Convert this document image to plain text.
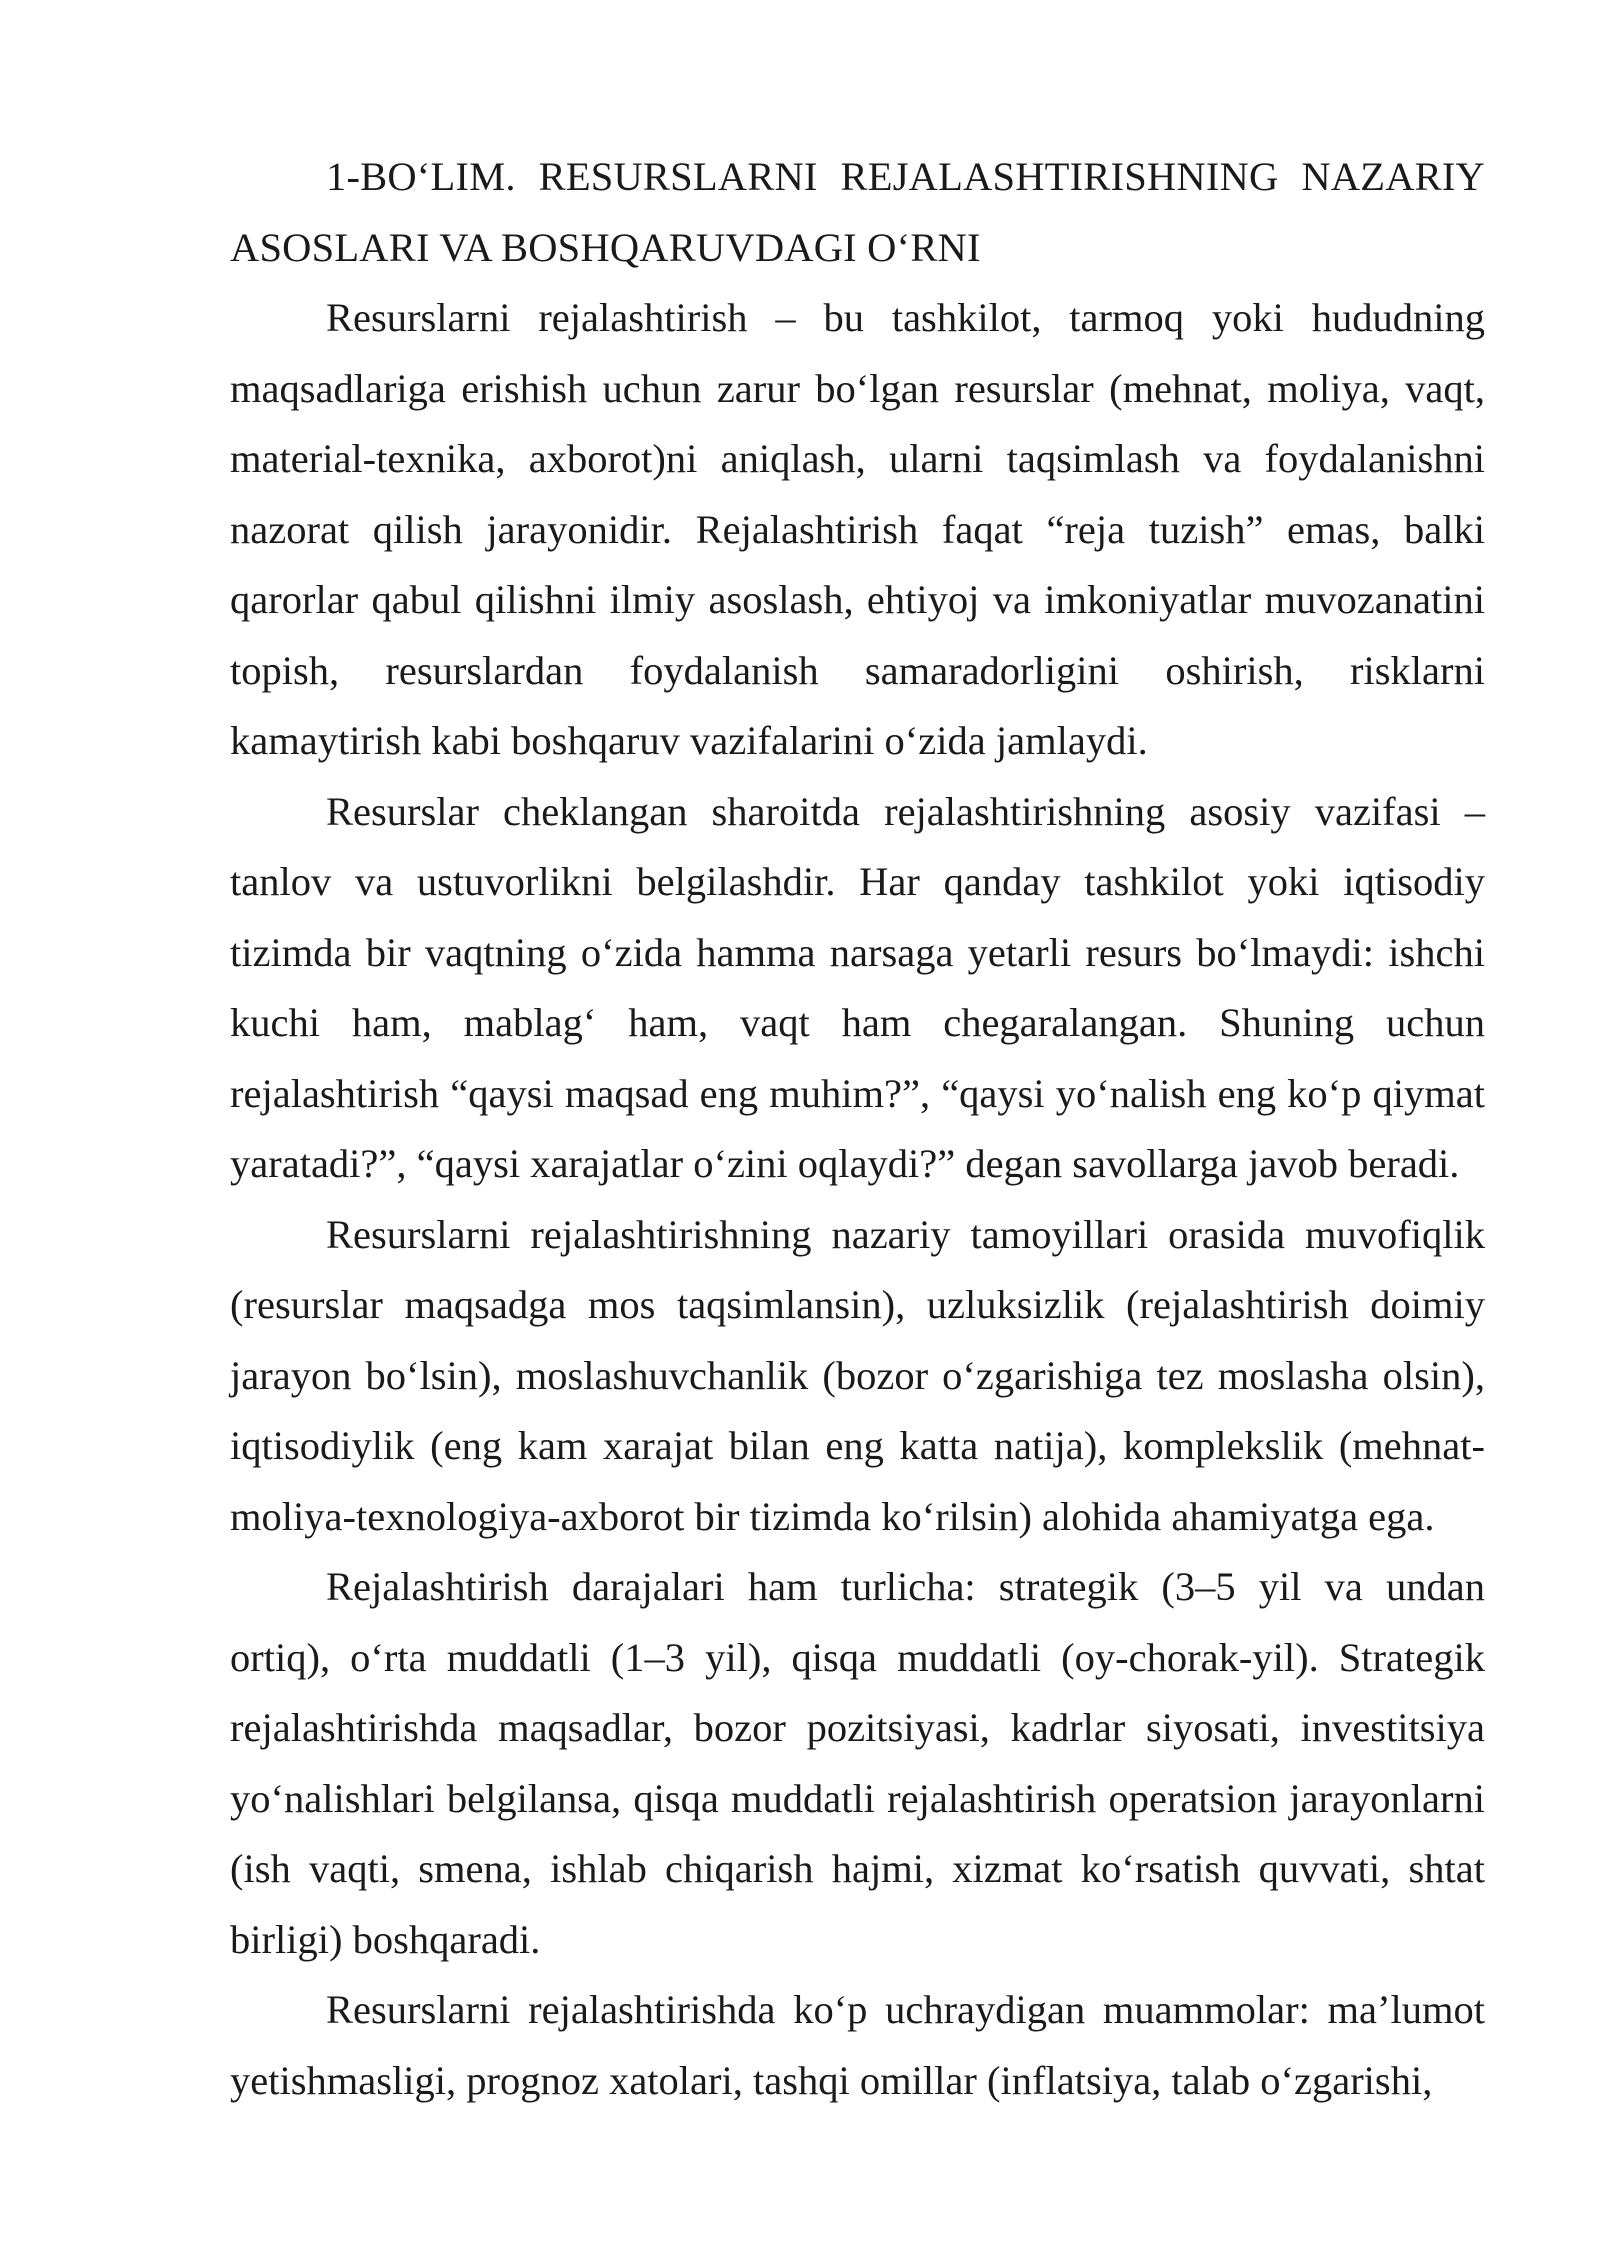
1-BO‘LIM. RESURSLARNI REJALASHTIRISHNING NAZARIY ASOSLARI VA BOSHQARUVDAGI O‘RNI

Resurslarni rejalashtirish – bu tashkilot, tarmoq yoki hududning maqsadlariga erishish uchun zarur bo‘lgan resurslar (mehnat, moliya, vaqt, material-texnika, axborot)ni aniqlash, ularni taqsimlash va foydalanishni nazorat qilish jarayonidir. Rejalashtirish faqat “reja tuzish” emas, balki qarorlar qabul qilishni ilmiy asoslash, ehtiyoj va imkoniyatlar muvozanatini topish, resurslardan foydalanish samaradorligini oshirish, risklarni kamaytirish kabi boshqaruv vazifalarini o‘zida jamlaydi.

Resurslar cheklangan sharoitda rejalashtirishning asosiy vazifasi – tanlov va ustuvorlikni belgilashdir. Har qanday tashkilot yoki iqtisodiy tizimda bir vaqtning o‘zida hamma narsaga yetarli resurs bo‘lmaydi: ishchi kuchi ham, mablag‘ ham, vaqt ham chegaralangan. Shuning uchun rejalashtirish “qaysi maqsad eng muhim?”, “qaysi yo‘nalish eng ko‘p qiymat yaratadi?”, “qaysi xarajatlar o‘zini oqlaydi?” degan savollarga javob beradi.

Resurslarni rejalashtirishning nazariy tamoyillari orasida muvofiqlik (resurslar maqsadga mos taqsimlansin), uzluksizlik (rejalashtirish doimiy jarayon bo‘lsin), moslashuvchanlik (bozor o‘zgarishiga tez moslasha olsin), iqtisodiylik (eng kam xarajat bilan eng katta natija), komplekslik (mehnat-moliya-texnologiya-axborot bir tizimda ko‘rilsin) alohida ahamiyatga ega.

Rejalashtirish darajalari ham turlicha: strategik (3–5 yil va undan ortiq), o‘rta muddatli (1–3 yil), qisqa muddatli (oy-chorak-yil). Strategik rejalashtirishda maqsadlar, bozor pozitsiyasi, kadrlar siyosati, investitsiya yo‘nalishlari belgilansa, qisqa muddatli rejalashtirish operatsion jarayonlarni (ish vaqti, smena, ishlab chiqarish hajmi, xizmat ko‘rsatish quvvati, shtat birligi) boshqaradi.

Resurslarni rejalashtirishda ko‘p uchraydigan muammolar: ma’lumot yetishmasligi, prognoz xatolari, tashqi omillar (inflatsiya, talab o‘zgarishi,
